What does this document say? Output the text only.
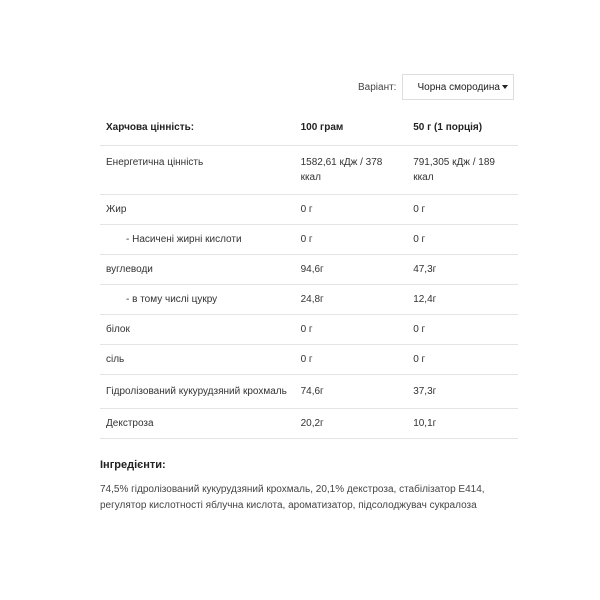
Варіант: Чорна смородина
Харчова цінність:	100 грам	50 г (1 порція)
Енергетична цінність	1582,61 кДж / 378 ккал	791,305 кДж / 189 ккал
Жир	0 г	0 г
- Насичені жирні кислоти	0 г	0 г
вуглеводи	94,6г	47,3г
- в тому числі цукру	24,8г	12,4г
білок	0 г	0 г
сіль	0 г	0 г
Гідролізований кукурудзяний крохмаль	74,6г	37,3г
Декстроза	20,2г	10,1г
Інгредієнти:
74,5% гідролізований кукурудзяний крохмаль, 20,1% декстроза, стабілізатор E414, регулятор кислотності яблучна кислота, ароматизатор, підсолоджувач сукралоза
